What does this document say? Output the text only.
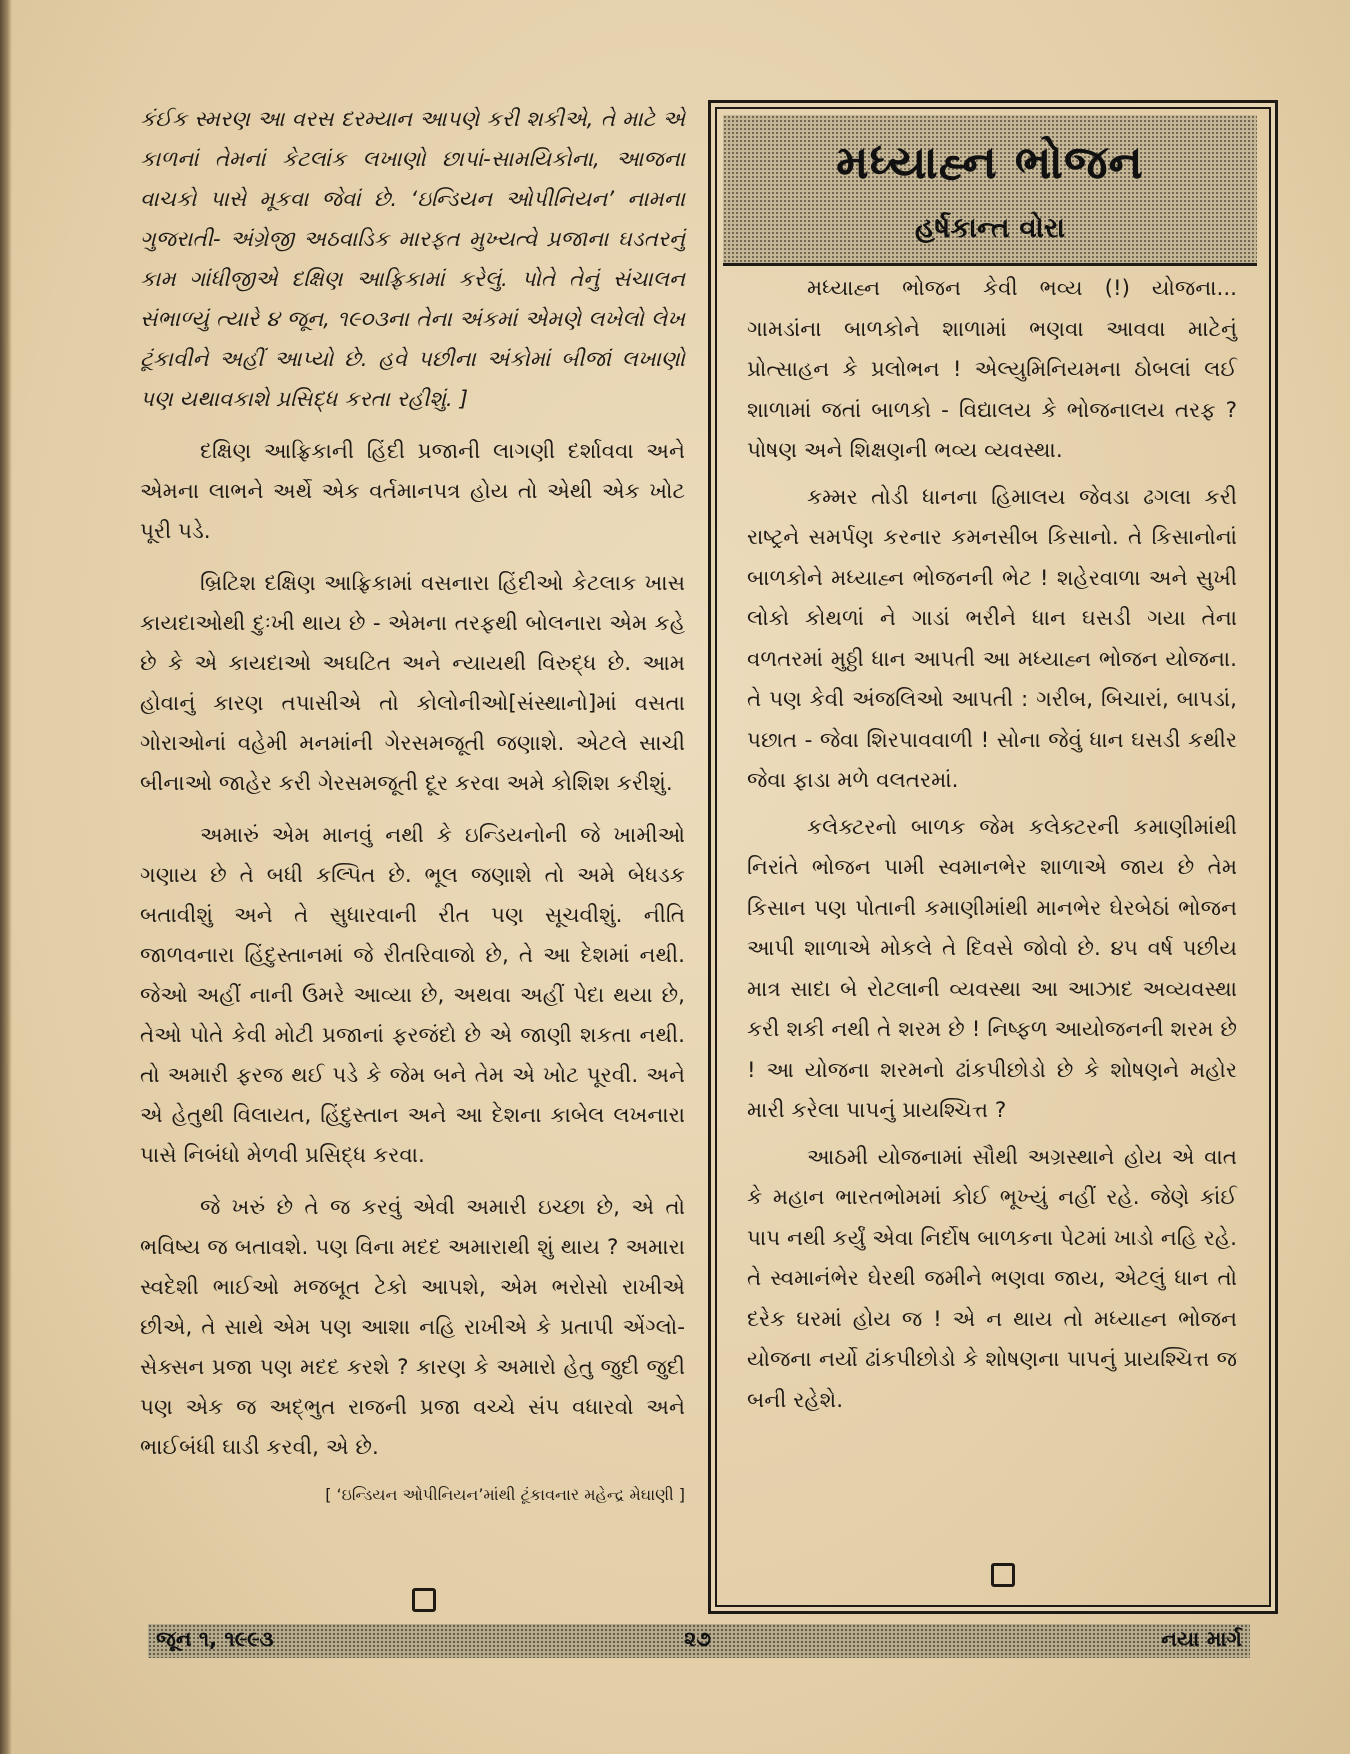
કંઈક સ્મરણ આ વરસ દરમ્યાન આપણે કરી શકીએ, તે માટે એ કાળનાં તેમનાં કેટલાંક લખાણો છાપાં-સામયિકોના, આજના વાચકો પાસે મૂકવા જેવાં છે. ‘ઇન્ડિયન ઓપીનિયન’ નામના ગુજરાતી- અંગ્રેજી અઠવાડિક મારફત મુખ્યત્વે પ્રજાના ઘડતરનું કામ ગાંધીજીએ દક્ષિણ આફ્રિકામાં કરેલું. પોતે તેનું સંચાલન સંભાળ્યું ત્યારે ૪ જૂન, ૧૯૦૩ના તેના અંકમાં એમણે લખેલો લેખ ટૂંકાવીને અહીં આપ્યો છે. હવે પછીના અંકોમાં બીજાં લખાણો પણ યથાવકાશે પ્રસિદ્ધ કરતા રહીશું. ]

દક્ષિણ આફ્રિકાની હિંદી પ્રજાની લાગણી દર્શાવવા અને એમના લાભને અર્થે એક વર્તમાનપત્ર હોય તો એથી એક ખોટ પૂરી પડે.

બ્રિટિશ દક્ષિણ આફ્રિકામાં વસનારા હિંદીઓ કેટલાક ખાસ કાયદાઓથી દુઃખી થાય છે - એમના તરફથી બોલનારા એમ કહે છે કે એ કાયદાઓ અઘટિત અને ન્યાયથી વિરુદ્ધ છે. આમ હોવાનું કારણ તપાસીએ તો કોલોનીઓ[સંસ્થાનો]માં વસતા ગોરાઓનાં વહેમી મનમાંની ગેરસમજૂતી જણાશે. એટલે સાચી બીનાઓ જાહેર કરી ગેરસમજૂતી દૂર કરવા અમે કોશિશ કરીશું.

અમારું એમ માનવું નથી કે ઇન્ડિયનોની જે ખામીઓ ગણાય છે તે બધી કલ્પિત છે. ભૂલ જણાશે તો અમે બેધડક બતાવીશું અને તે સુધારવાની રીત પણ સૂચવીશું. નીતિ જાળવનારા હિંદુસ્તાનમાં જે રીતરિવાજો છે, તે આ દેશમાં નથી. જેઓ અહીં નાની ઉમરે આવ્યા છે, અથવા અહીં પેદા થયા છે, તેઓ પોતે કેવી મોટી પ્રજાનાં ફરજંદો છે એ જાણી શકતા નથી. તો અમારી ફરજ થઈ પડે કે જેમ બને તેમ એ ખોટ પૂરવી. અને એ હેતુથી વિલાયત, હિંદુસ્તાન અને આ દેશના કાબેલ લખનારા પાસે નિબંધો મેળવી પ્રસિદ્ધ કરવા.

જે ખરું છે તે જ કરવું એવી અમારી ઇચ્છા છે, એ તો ભવિષ્ય જ બતાવશે. પણ વિના મદદ અમારાથી શું થાય ? અમારા સ્વદેશી ભાઈઓ મજબૂત ટેકો આપશે, એમ ભરોસો રાખીએ છીએ, તે સાથે એમ પણ આશા નહિ રાખીએ કે પ્રતાપી એંગ્લો-સેક્સન પ્રજા પણ મદદ કરશે ? કારણ કે અમારો હેતુ જુદી જુદી પણ એક જ અદ્ભુત રાજની પ્રજા વચ્ચે સંપ વધારવો અને ભાઈબંધી ઘાડી કરવી, એ છે.

[ ‘ઇન્ડિયન ઓપીનિયન’માંથી ટૂંકાવનાર મહેન્દ્ર મેઘાણી ]
મધ્યાહ્ન ભોજન
હર્ષકાન્ત વોરા

મધ્યાહ્ન ભોજન કેવી ભવ્ય (!) યોજના... ગામડાંના બાળકોને શાળામાં ભણવા આવવા માટેનું પ્રોત્સાહન કે પ્રલોભન ! એલ્યુમિનિયમના ઠોબલાં લઈ શાળામાં જતાં બાળકો - વિદ્યાલય કે ભોજનાલય તરફ ? પોષણ અને શિક્ષણની ભવ્ય વ્યવસ્થા.

કમ્મર તોડી ધાનના હિમાલય જેવડા ઢગલા કરી રાષ્ટ્રને સમર્પણ કરનાર કમનસીબ કિસાનો. તે કિસાનોનાં બાળકોને મધ્યાહ્ન ભોજનની ભેટ ! શહેરવાળા અને સુખી લોકો કોથળાં ને ગાડાં ભરીને ધાન ઘસડી ગયા તેના વળતરમાં મુઠ્ઠી ધાન આપતી આ મધ્યાહ્ન ભોજન યોજના. તે પણ કેવી અંજલિઓ આપતી : ગરીબ, બિચારાં, બાપડાં, પછાત - જેવા શિરપાવવાળી ! સોના જેવું ધાન ઘસડી કથીર જેવા ફાડા મળે વલતરમાં.

કલેક્ટરનો બાળક જેમ કલેક્ટરની કમાણીમાંથી નિરાંતે ભોજન પામી સ્વમાનભેર શાળાએ જાય છે તેમ કિસાન પણ પોતાની કમાણીમાંથી માનભેર ઘેરબેઠાં ભોજન આપી શાળાએ મોકલે તે દિવસે જોવો છે. ૪૫ વર્ષ પછીય માત્ર સાદા બે રોટલાની વ્યવસ્થા આ આઝાદ અવ્યવસ્થા કરી શકી નથી તે શરમ છે ! નિષ્ફળ આયોજનની શરમ છે ! આ યોજના શરમનો ઢાંકપીછોડો છે કે શોષણને મહોર મારી કરેલા પાપનું પ્રાયશ્ચિત્ત ?

આઠમી યોજનામાં સૌથી અગ્રસ્થાને હોય એ વાત કે મહાન ભારતભોમમાં કોઈ ભૂખ્યું નહીં રહે. જેણે કાંઈ પાપ નથી કર્યું એવા નિર્દોષ બાળકના પેટમાં ખાડો નહિ રહે. તે સ્વમાનંભેર ઘેરથી જમીને ભણવા જાય, એટલું ધાન તો દરેક ઘરમાં હોય જ ! એ ન થાય તો મધ્યાહ્ન ભોજન યોજના નર્યો ઢાંકપીછોડો કે શોષણના પાપનું પ્રાયશ્ચિત્ત જ બની રહેશે.

જૂન ૧, ૧૯૯૩	૨૭	નયા માર્ગ
